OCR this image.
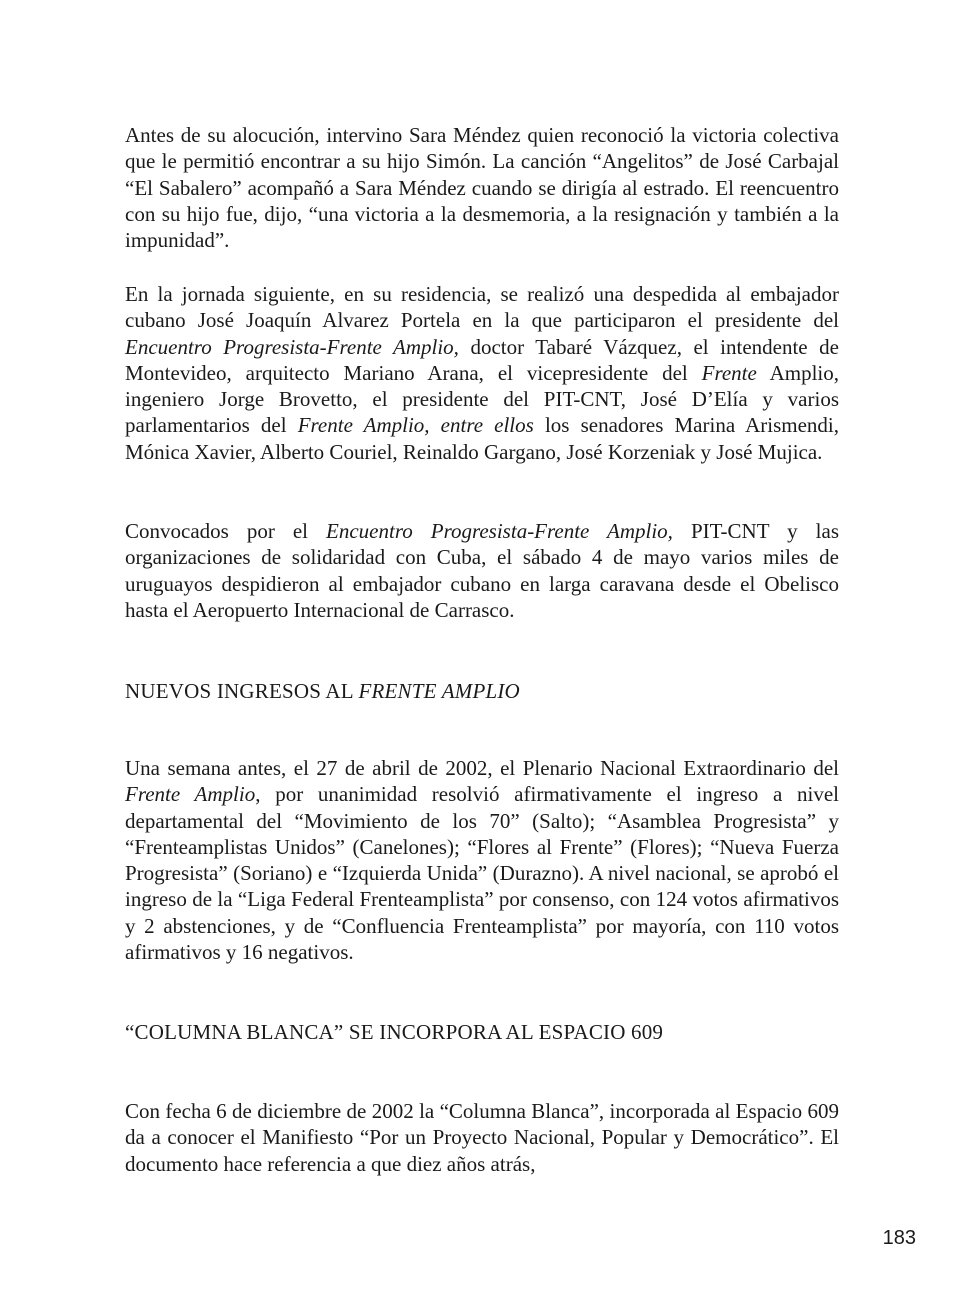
Antes de su alocución, intervino Sara Méndez quien reconoció la victoria colectiva que le permitió encontrar a su hijo Simón. La canción “Angelitos” de José Carbajal “El Sabalero” acompañó a Sara Méndez cuando se dirigía al estrado. El reencuentro con su hijo fue, dijo, “una victoria a la desmemoria, a la resignación y también a la impunidad”.

En la jornada siguiente, en su residencia, se realizó una despedida al embajador cubano José Joaquín Alvarez Portela en la que participaron el presidente del Encuentro Progresista-Frente Amplio, doctor Tabaré Vázquez, el intendente de Montevideo, arquitecto Mariano Arana, el vicepresidente del Frente Amplio, ingeniero Jorge Brovetto, el presidente del PIT-CNT, José D’Elía y varios parlamentarios del Frente Amplio, entre ellos los senadores Marina Arismendi, Mónica Xavier, Alberto Couriel, Reinaldo Gargano, José Korzeniak y José Mujica.

Convocados por el Encuentro Progresista-Frente Amplio, PIT-CNT y las organizaciones de solidaridad con Cuba, el sábado 4 de mayo varios miles de uruguayos despidieron al embajador cubano en larga caravana desde el Obelisco hasta el Aeropuerto Internacional de Carrasco.

NUEVOS INGRESOS AL FRENTE AMPLIO

Una semana antes, el 27 de abril de 2002, el Plenario Nacional Extraordinario del Frente Amplio, por unanimidad resolvió afirmativamente el ingreso a nivel departamental del “Movimiento de los 70” (Salto); “Asamblea Progresista” y “Frenteamplistas Unidos” (Canelones); “Flores al Frente” (Flores); “Nueva Fuerza Progresista” (Soriano) e “Izquierda Unida” (Durazno). A nivel nacional, se aprobó el ingreso de la “Liga Federal Frenteamplista” por consenso, con 124 votos afirmativos y 2 abstenciones, y de “Confluencia Frenteamplista” por mayoría, con 110 votos afirmativos y 16 negativos.

“COLUMNA BLANCA” SE INCORPORA AL ESPACIO 609

Con fecha 6 de diciembre de 2002 la “Columna Blanca”, incorporada al Espacio 609 da a conocer el Manifiesto “Por un Proyecto Nacional, Popular y Democrático”. El documento hace referencia a que diez años atrás,

183
